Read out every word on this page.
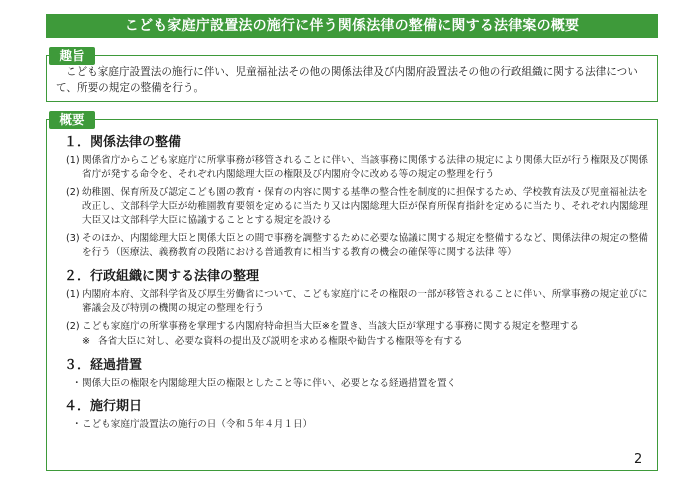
こども家庭庁設置法の施行に伴う関係法律の整備に関する法律案の概要
趣旨
こども家庭庁設置法の施行に伴い、児童福祉法その他の関係法律及び内閣府設置法その他の行政組織に関する法律について、所要の規定の整備を行う。
概要
１．関係法律の整備
(1) 関係省庁からこども家庭庁に所掌事務が移管されることに伴い、当該事務に関係する法律の規定により関係大臣が行う権限及び関係省庁が発する命令を、それぞれ内閣総理大臣の権限及び内閣府令に改める等の規定の整理を行う
(2) 幼稚園、保育所及び認定こども園の教育・保育の内容に関する基準の整合性を制度的に担保するため、学校教育法及び児童福祉法を改正し、文部科学大臣が幼稚園教育要領を定めるに当たり又は内閣総理大臣が保育所保育指針を定めるに当たり、それぞれ内閣総理大臣又は文部科学大臣に協議することとする規定を設ける
(3) そのほか、内閣総理大臣と関係大臣との間で事務を調整するために必要な協議に関する規定を整備するなど、関係法律の規定の整備を行う（医療法、義務教育の段階における普通教育に相当する教育の機会の確保等に関する法律 等）
２．行政組織に関する法律の整理
(1) 内閣府本府、文部科学省及び厚生労働省について、こども家庭庁にその権限の一部が移管されることに伴い、所掌事務の規定並びに審議会及び特別の機関の規定の整理を行う
(2) こども家庭庁の所掌事務を掌理する内閣府特命担当大臣※を置き、当該大臣が掌理する事務に関する規定を整理する
※ 各省大臣に対し、必要な資料の提出及び説明を求める権限や勧告する権限等を有する
３．経過措置
・ 関係大臣の権限を内閣総理大臣の権限としたこと等に伴い、必要となる経過措置を置く
４．施行期日
・ こども家庭庁設置法の施行の日（令和５年４月１日）
2
